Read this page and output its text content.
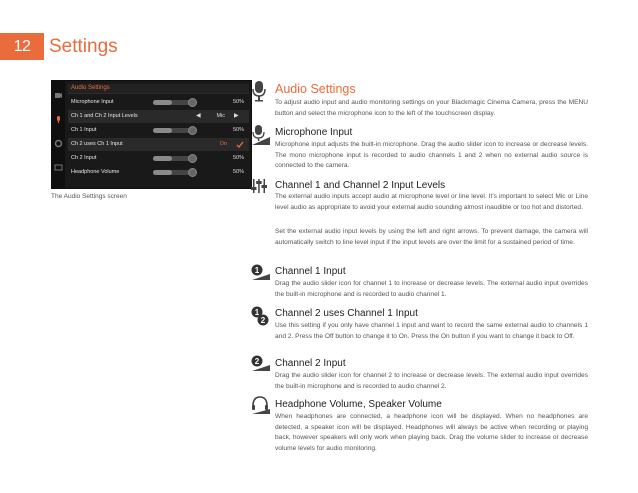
12 Settings
Audio Settings
Microphone Input	50%
Ch 1 and Ch 2 Input Levels	◀	▶
Mic
Ch 1 Input	50%
Ch 2 uses Ch 1 Input	On
Ch 2 Input	50%
Headphone Volume	50%
The Audio Settings screen
Audio Settings
To adjust audio input and audio monitoring settings on your Blackmagic Cinema Camera, press the MENU button and select the microphone icon to the left of the touchscreen display.
Microphone Input
Microphone input adjusts the built-in microphone. Drag the audio slider icon to increase or decrease levels. The mono microphone input is recorded to audio channels 1 and 2 when no external audio source is connected to the camera.
Channel 1 and Channel 2 Input Levels
The external audio inputs accept audio at microphone level or line level. It's important to select Mic or Line level audio as appropriate to avoid your external audio sounding almost inaudible or too hot and distorted.
Set the external audio input levels by using the left and right arrows. To prevent damage, the camera will automatically switch to line level input if the input levels are over the limit for a sustained period of time.
1 Channel 1 Input
Drag the audio slider icon for channel 1 to increase or decrease levels. The external audio input overrides the built-in microphone and is recorded to audio channel 1.
1
2
Channel 2 uses Channel 1 Input
Use this setting if you only have channel 1 input and want to record the same external audio to channels 1 and 2. Press the Off button to change it to On. Press the On button if you want to change it back to Off.
2 Channel 2 Input
Drag the audio slider icon for channel 2 to increase or decrease levels. The external audio input overrides the built-in microphone and is recorded to audio channel 2.
Headphone Volume, Speaker Volume
When headphones are connected, a headphone icon will be displayed. When no headphones are detected, a speaker icon will be displayed. Headphones will always be active when recording or playing back, however speakers will only work when playing back. Drag the volume slider to increase or decrease volume levels for audio monitoring.
